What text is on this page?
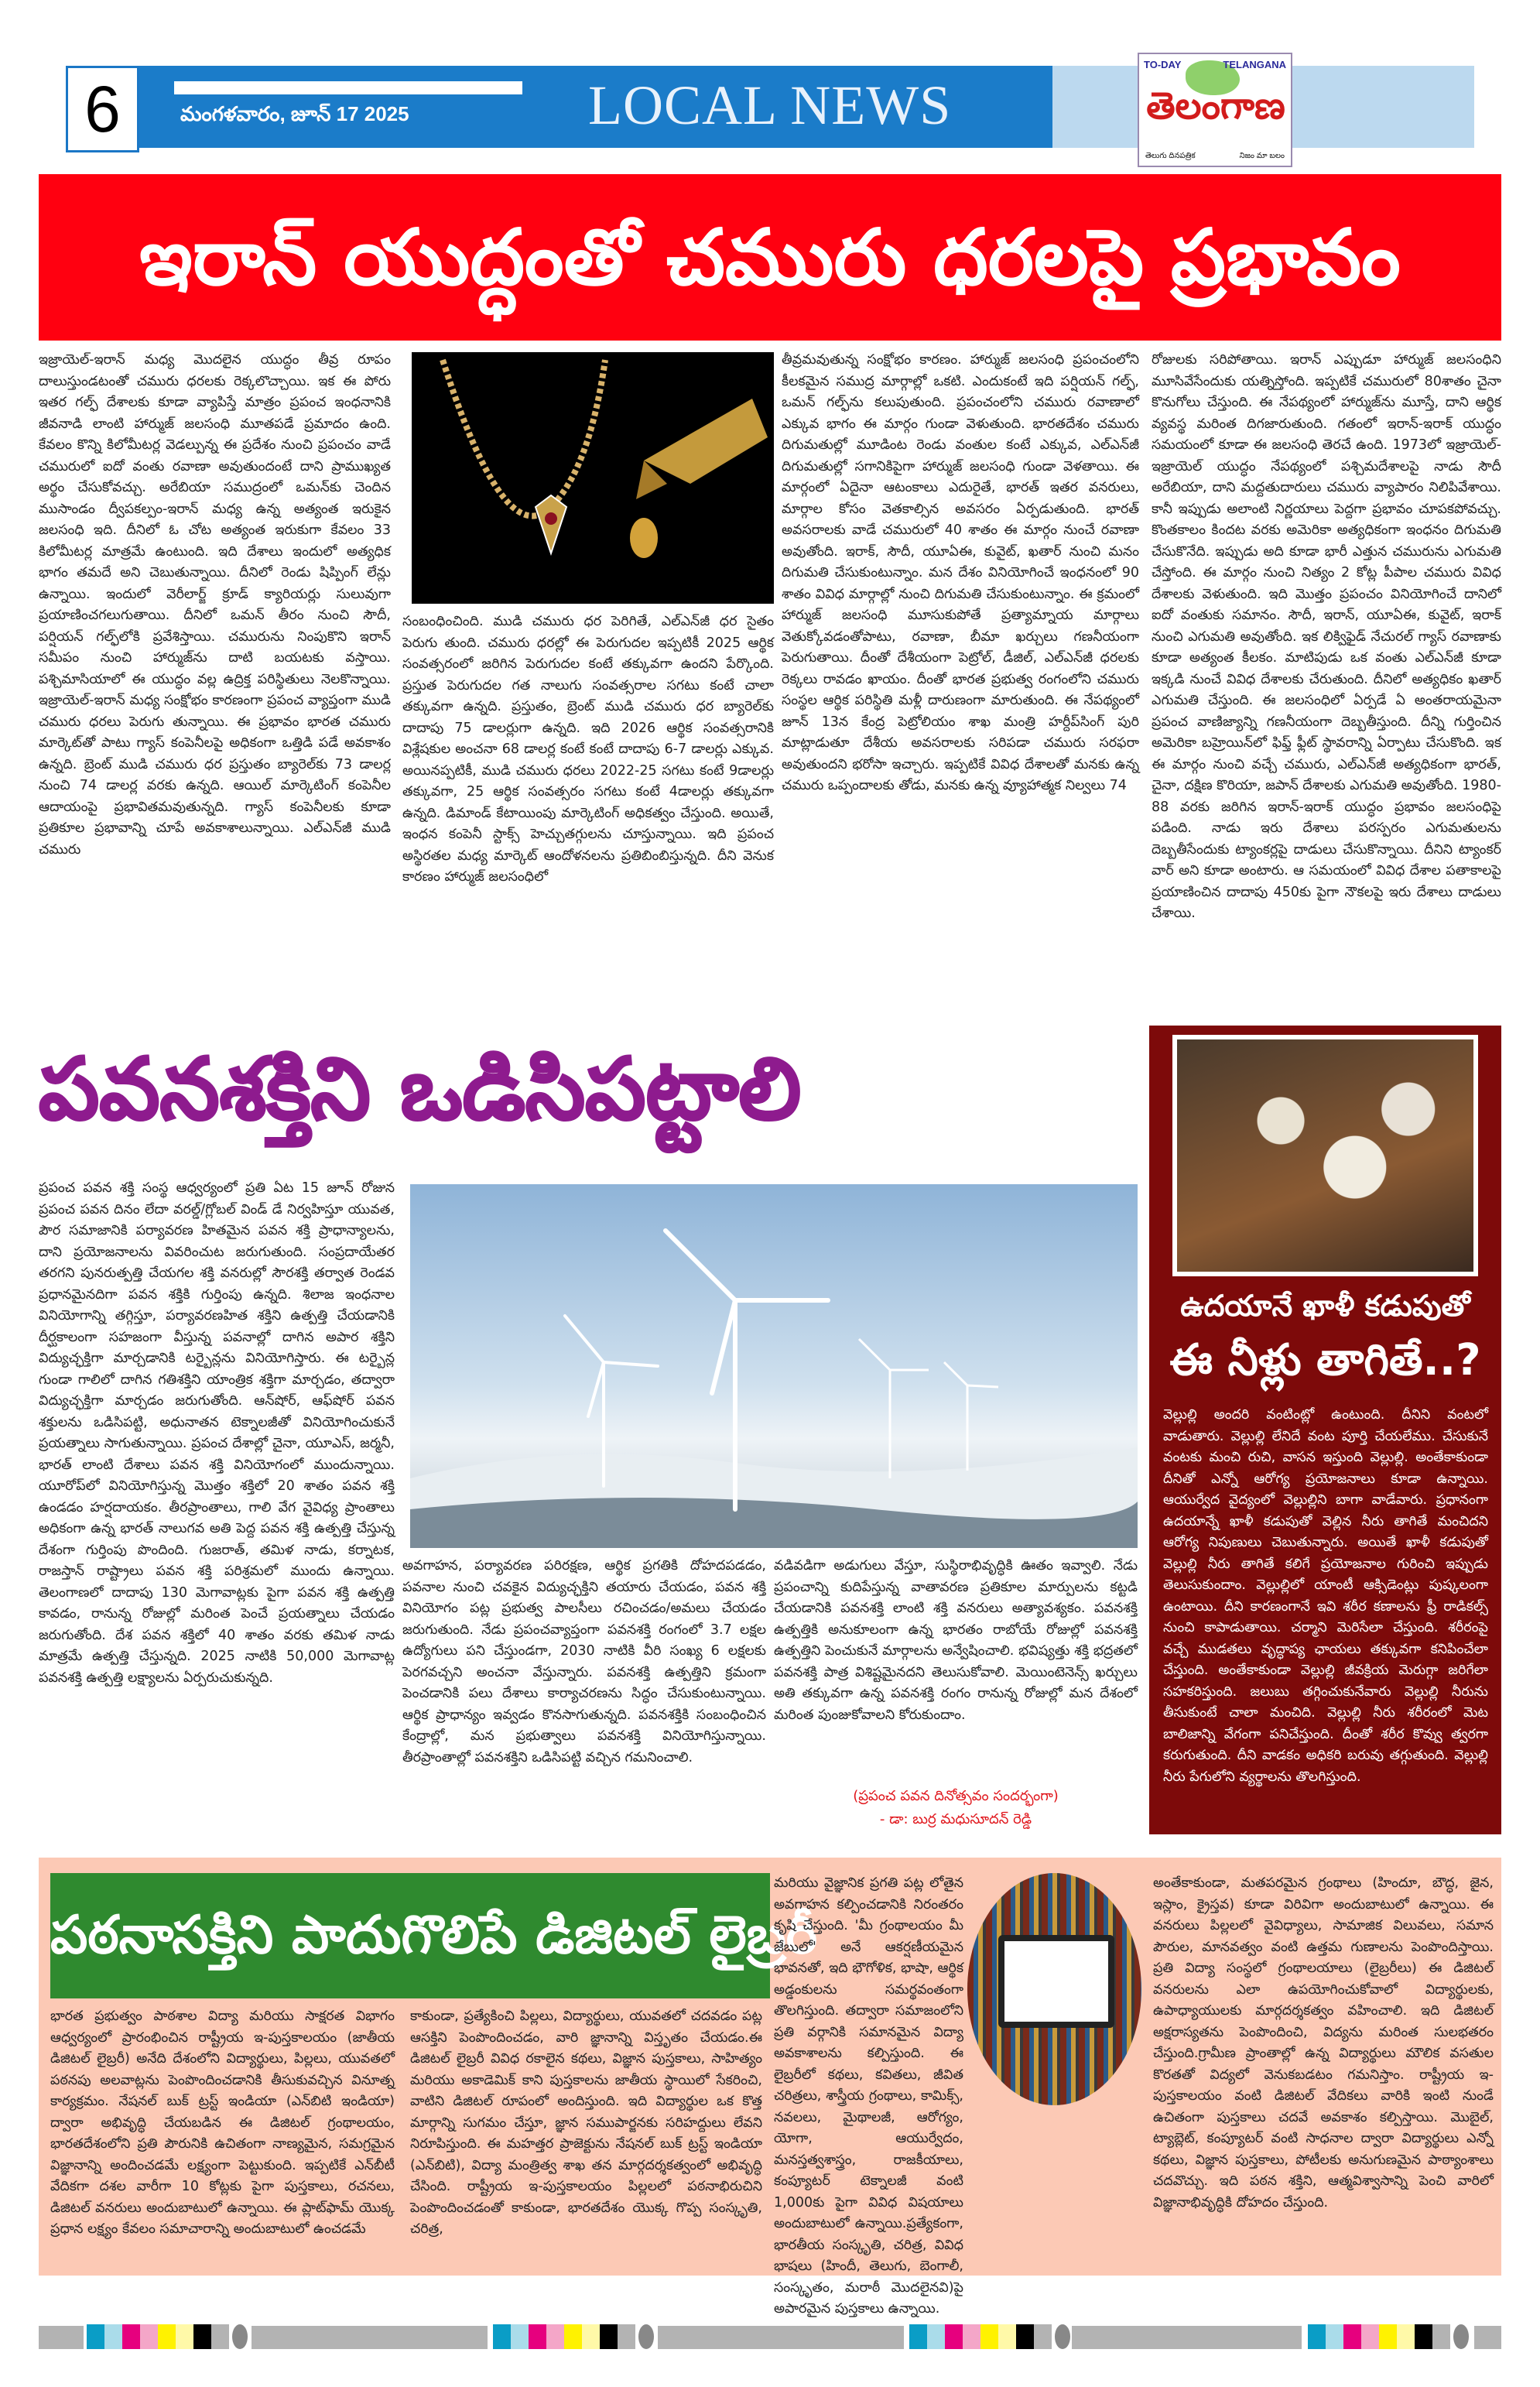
6	మంగళవారం, జూన్ 17 2025	LOCAL NEWS
TO-DAY	TELANGANA
తెలంగాణ
తెలుగు దినపత్రిక	నిజం మా బలం
ఇరాన్ యుద్ధంతో చమురు ధరలపై ప్రభావం
ఇజ్రాయెల్-ఇరాన్ మధ్య మొదలైన యుద్ధం తీవ్ర రూపం దాలుస్తుండటంతో చమురు ధరలకు రెక్కలొచ్చాయి. ఇక ఈ పోరు ఇతర గల్ఫ్ దేశాలకు కూడా వ్యాపిస్తే మాత్రం ప్రపంచ ఇంధనానికి జీవనాడి లాంటి హార్ముజ్ జలసంధి మూతపడే ప్రమాదం ఉంది. కేవలం కొన్ని కిలోమీటర్ల వెడల్పున్న ఈ ప్రదేశం నుంచి ప్రపంచం వాడే చమురులో ఐదో వంతు రవాణా అవుతుందంటే దాని ప్రాముఖ్యత అర్థం చేసుకోవచ్చు. అరేబియా సముద్రంలో ఒమన్‌కు చెందిన ముసాండం ద్వీపకల్పం-ఇరాన్ మధ్య ఉన్న అత్యంత ఇరుకైన జలసంధి ఇది. దీనిలో ఓ చోట అత్యంత ఇరుకుగా కేవలం 33 కిలోమీటర్ల మాత్రమే ఉంటుంది. ఇది దేశాలు ఇందులో అత్యధిక భాగం తమదే అని చెబుతున్నాయి. దీనిలో రెండు షిప్పింగ్ లేన్లు ఉన్నాయి. ఇందులో వెరీలార్జ్ క్రూడ్ క్యారియర్లు సులువుగా ప్రయాణించగలుగుతాయి. దీనిలో ఒమన్ తీరం నుంచి సౌదీ, పర్షియన్ గల్ఫ్‌లోకి ప్రవేశిస్తాయి. చమురును నింపుకొని ఇరాన్ సమీపం నుంచి హార్ముజ్‌ను దాటి బయటకు వస్తాయి. పశ్చిమాసియాలో ఈ యుద్ధం వల్ల ఉద్రిక్త పరిస్థితులు నెలకొన్నాయి. ఇజ్రాయెల్-ఇరాన్ మధ్య సంక్షోభం కారణంగా ప్రపంచ వ్యాప్తంగా ముడి చమురు ధరలు పెరుగు తున్నాయి. ఈ ప్రభావం భారత చమురు మార్కెట్‌తో పాటు గ్యాస్ కంపెనీలపై అధికంగా ఒత్తిడి పడే అవకాశం ఉన్నది. బ్రెంట్ ముడి చమురు ధర ప్రస్తుతం బ్యారెల్‌కు 73 డాలర్ల నుంచి 74 డాలర్ల వరకు ఉన్నది. ఆయిల్ మార్కెటింగ్ కంపెనీల ఆదాయంపై ప్రభావితమవుతున్నది. గ్యాస్ కంపెనీలకు కూడా ప్రతికూల ప్రభావాన్ని చూపే అవకాశాలున్నాయి. ఎల్ఎన్‌జీ ముడి చమురు
సంబంధించింది. ముడి చమురు ధర పెరిగితే, ఎల్ఎన్‌జీ ధర సైతం పెరుగు తుంది. చమురు ధరల్లో ఈ పెరుగుదల ఇప్పటికీ 2025 ఆర్థిక సంవత్సరంలో జరిగిన పెరుగుదల కంటే తక్కువగా ఉందని పేర్కొంది. ప్రస్తుత పెరుగుదల గత నాలుగు సంవత్సరాల సగటు కంటే చాలా తక్కువగా ఉన్నది. ప్రస్తుతం, బ్రెంట్ ముడి చమురు ధర బ్యారెల్‌కు దాదాపు 75 డాలర్లుగా ఉన్నది. ఇది 2026 ఆర్థిక సంవత్సరానికి విశ్లేషకుల అంచనా 68 డాలర్ల కంటే కంటే దాదాపు 6-7 డాలర్లు ఎక్కువ. అయినప్పటికీ, ముడి చమురు ధరలు 2022-25 సగటు కంటే 9డాలర్లు తక్కువగా, 25 ఆర్థిక సంవత్సరం సగటు కంటే 4డాలర్లు తక్కువగా ఉన్నది. డిమాండ్ కేటాయింపు మార్కెటింగ్ అధికత్వం చేస్తుంది. అయితే, ఇంధన కంపెనీ స్టాక్స్ హెచ్చుతగ్గులను చూస్తున్నాయి. ఇది ప్రపంచ అస్థిరతల మధ్య మార్కెట్ ఆందోళనలను ప్రతిబింబిస్తున్నది. దీని వెనుక కారణం హార్ముజ్ జలసంధిలో
తీవ్రమవుతున్న సంక్షోభం కారణం. హార్ముజ్ జలసంధి ప్రపంచంలోని కీలకమైన సముద్ర మార్గాల్లో ఒకటి. ఎందుకంటే ఇది పర్షియన్ గల్ఫ్, ఒమన్ గల్ఫ్‌ను కలుపుతుంది. ప్రపంచంలోని చమురు రవాణాలో ఎక్కువ భాగం ఈ మార్గం గుండా వెళుతుంది. భారతదేశం చమురు దిగుమతుల్లో మూడింట రెండు వంతుల కంటే ఎక్కువ, ఎల్ఎన్‌జీ దిగుమతుల్లో సగానికిపైగా హార్ముజ్ జలసంధి గుండా వెళతాయి. ఈ మార్గంలో ఏదైనా ఆటంకాలు ఎదురైతే, భారత్ ఇతర వనరులు, మార్గాల కోసం వెతకాల్సిన అవసరం ఏర్పడుతుంది. భారత్ అవసరాలకు వాడే చమురులో 40 శాతం ఈ మార్గం నుంచే రవాణా అవుతోంది. ఇరాక్, సౌదీ, యూఏఈ, కువైట్, ఖతార్ నుంచి మనం దిగుమతి చేసుకుంటున్నాం. మన దేశం వినియోగించే ఇంధనంలో 90 శాతం వివిధ మార్గాల్లో నుంచి దిగుమతి చేసుకుంటున్నాం. ఈ క్రమంలో హార్ముజ్ జలసంధి మూసుకుపోతే ప్రత్యామ్నాయ మార్గాలు వెతుక్కోవడంతోపాటు, రవాణా, బీమా ఖర్చులు గణనీయంగా పెరుగుతాయి. దీంతో దేశీయంగా పెట్రోల్, డీజిల్, ఎల్ఎన్‌జీ ధరలకు రెక్కలు రావడం ఖాయం. దీంతో భారత ప్రభుత్వ రంగంలోని చమురు సంస్థల ఆర్థిక పరిస్థితి మళ్లీ దారుణంగా మారుతుంది. ఈ నేపథ్యంలో జూన్ 13న కేంద్ర పెట్రోలియం శాఖ మంత్రి హర్దీప్‌సింగ్ పురి మాట్లాడుతూ దేశీయ అవసరాలకు సరిపడా చమురు సరఫరా అవుతుందని భరోసా ఇచ్చారు. ఇప్పటికే వివిధ దేశాలతో మనకు ఉన్న చమురు ఒప్పందాలకు తోడు, మనకు ఉన్న వ్యూహాత్మక నిల్వలు 74
రోజులకు సరిపోతాయి. ఇరాన్ ఎప్పుడూ హార్ముజ్ జలసంధిని మూసివేసేందుకు యత్నిస్తోంది. ఇప్పటికే చమురులో 80శాతం చైనా కొనుగోలు చేస్తుంది. ఈ నేపథ్యంలో హార్ముజ్‌ను మూస్తే, దాని ఆర్థిక వ్యవస్థ మరింత దిగజారుతుంది. గతంలో ఇరాన్-ఇరాక్ యుద్ధం సమయంలో కూడా ఈ జలసంధి తెరచే ఉంది. 1973లో ఇజ్రాయెల్-ఇజ్రాయెల్ యుద్ధం నేపథ్యంలో పశ్చిమదేశాలపై నాడు సౌదీ అరేబియా, దాని మద్దతుదారులు చమురు వ్యాపారం నిలిపివేశాయి. కానీ ఇప్పుడు అలాంటి నిర్ణయాలు పెద్దగా ప్రభావం చూపకపోవచ్చు. కొంతకాలం కిందట వరకు అమెరికా అత్యధికంగా ఇంధనం దిగుమతి చేసుకొనేది. ఇప్పుడు అది కూడా భారీ ఎత్తున చమురును ఎగుమతి చేస్తోంది. ఈ మార్గం నుంచి నిత్యం 2 కోట్ల పీపాల చమురు వివిధ దేశాలకు వెళుతుంది. ఇది మొత్తం ప్రపంచం వినియోగించే దానిలో ఐదో వంతుకు సమానం. సౌదీ, ఇరాన్, యూఏఈ, కువైట్, ఇరాక్ నుంచి ఎగుమతి అవుతోంది. ఇక లిక్విఫైడ్ నేచురల్ గ్యాస్ రవాణాకు కూడా అత్యంత కీలకం. మాటిపుడు ఒక వంతు ఎల్ఎన్‌జీ కూడా ఇక్కడి నుంచే వివిధ దేశాలకు చేరుతుంది. దీనిలో అత్యధికం ఖతార్ ఎగుమతి చేస్తుంది. ఈ జలసంధిలో ఏర్పడే ఏ అంతరాయమైనా ప్రపంచ వాణిజ్యాన్ని గణనీయంగా దెబ్బతీస్తుంది. దీన్ని గుర్తించిన అమెరికా బహ్రెయిన్‌లో ఫిఫ్త్ ఫ్లీట్ స్థావరాన్ని ఏర్పాటు చేసుకొంది. ఇక ఈ మార్గం నుంచి వచ్చే చమురు, ఎల్ఎన్‌జీ అత్యధికంగా భారత్, చైనా, దక్షిణ కొరియా, జపాన్ దేశాలకు ఎగుమతి అవుతోంది. 1980-88 వరకు జరిగిన ఇరాన్-ఇరాక్ యుద్ధం ప్రభావం జలసంధిపై పడింది. నాడు ఇరు దేశాలు పరస్పరం ఎగుమతులను దెబ్బతీసేందుకు ట్యాంకర్లపై దాడులు చేసుకొన్నాయి. దీనిని ట్యాంకర్ వార్ అని కూడా అంటారు. ఆ సమయంలో వివిధ దేశాల పతాకాలపై ప్రయాణించిన దాదాపు 450కు పైగా నౌకలపై ఇరు దేశాలు దాడులు చేశాయి.
పవనశక్తిని ఒడిసిపట్టాలి
ప్రపంచ పవన శక్తి సంస్థ ఆధ్వర్యంలో ప్రతి ఏట 15 జూన్ రోజున ప్రపంచ పవన దినం లేదా వరల్డ్/గ్లోబల్ విండ్ డే నిర్వహిస్తూ యువత, పౌర సమాజానికి పర్యావరణ హితమైన పవన శక్తి ప్రాధాన్యాలను, దాని ప్రయోజనాలను వివరించుట జరుగుతుంది. సంప్రదాయేతర తరగని పునరుత్పత్తి చేయగల శక్తి వనరుల్లో సౌరశక్తి తర్వాత రెండవ ప్రధానమైనదిగా పవన శక్తికి గుర్తింపు ఉన్నది. శిలాజ ఇంధనాల వినియోగాన్ని తగ్గిస్తూ, పర్యావరణహిత శక్తిని ఉత్పత్తి చేయడానికి దీర్ఘకాలంగా సహజంగా వీస్తున్న పవనాల్లో దాగిన అపార శక్తిని విద్యుచ్ఛక్తిగా మార్చడానికి టర్బైన్లను వినియోగిస్తారు. ఈ టర్బైన్ల గుండా గాలిలో దాగిన గతిశక్తిని యాంత్రిక శక్తిగా మార్చడం, తద్వారా విద్యుచ్ఛక్తిగా మార్చడం జరుగుతోంది. ఆన్‌షోర్, ఆఫ్‌షోర్ పవన శక్తులను ఒడిసిపట్టి, అధునాతన టెక్నాలజీతో వినియోగించుకునే ప్రయత్నాలు సాగుతున్నాయి. ప్రపంచ దేశాల్లో చైనా, యూఎస్, జర్మనీ, భారత్ లాంటి దేశాలు పవన శక్తి వినియోగంలో ముందున్నాయి. యూరోప్‌లో వినియోగిస్తున్న మొత్తం శక్తిలో 20 శాతం పవన శక్తి ఉండడం హర్షదాయకం. తీరప్రాంతాలు, గాలి వేగ వైవిధ్య ప్రాంతాలు అధికంగా ఉన్న భారత్ నాలుగవ అతి పెద్ద పవన శక్తి ఉత్పత్తి చేస్తున్న దేశంగా గుర్తింపు పొందింది. గుజరాత్, తమిళ నాడు, కర్నాటక, రాజస్తాన్ రాష్ట్రాలు పవన శక్తి పరిశ్రమలో ముందు ఉన్నాయి. తెలంగాణలో దాదాపు 130 మెగావాట్లకు పైగా పవన శక్తి ఉత్పత్తి కావడం, రానున్న రోజుల్లో మరింత పెంచే ప్రయత్నాలు చేయడం జరుగుతోంది. దేశ పవన శక్తిలో 40 శాతం వరకు తమిళ నాడు మాత్రమే ఉత్పత్తి చేస్తున్నది. 2025 నాటికి 50,000 మెగావాట్ల పవనశక్తి ఉత్పత్తి లక్ష్యాలను ఏర్పరుచుకున్నది.
అవగాహన, పర్యావరణ పరిరక్షణ, ఆర్థిక ప్రగతికి దోహదపడడం, పవనాల నుంచి చవకైన విద్యుచ్ఛక్తిని తయారు చేయడం, పవన శక్తి వినియోగం పట్ల ప్రభుత్వ పాలసీలు రచించడం/అమలు చేయడం జరుగుతుంది. నేడు ప్రపంచవ్యాప్తంగా పవనశక్తి రంగంలో 3.7 లక్షల ఉద్యోగులు పని చేస్తుండగా, 2030 నాటికి వీరి సంఖ్య 6 లక్షలకు పెరగవచ్చని అంచనా వేస్తున్నారు. పవనశక్తి ఉత్పత్తిని క్రమంగా పెంచడానికి పలు దేశాలు కార్యాచరణను సిద్ధం చేసుకుంటున్నాయి. ఆర్థిక ప్రాధాన్యం ఇవ్వడం కొనసాగుతున్నది. పవనశక్తికి సంబంధించిన కేంద్రాల్లో, మన ప్రభుత్వాలు పవనశక్తి వినియోగిస్తున్నాయి. తీరప్రాంతాల్లో పవనశక్తిని ఒడిసిపట్టి వచ్చిన గమనించాలి.
వడివడిగా అడుగులు వేస్తూ, సుస్థిరాభివృద్ధికి ఊతం ఇవ్వాలి. నేడు ప్రపంచాన్ని కుదిపేస్తున్న వాతావరణ ప్రతికూల మార్పులను కట్టడి చేయడానికి పవనశక్తి లాంటి శక్తి వనరులు అత్యావశ్యకం. పవనశక్తి ఉత్పత్తికి అనుకూలంగా ఉన్న భారతం రాబోయే రోజుల్లో పవనశక్తి ఉత్పత్తిని పెంచుకునే మార్గాలను అన్వేషించాలి. భవిష్యత్తు శక్తి భద్రతలో పవనశక్తి పాత్ర విశిష్టమైనదని తెలుసుకోవాలి. మెయింటెనెన్స్ ఖర్చులు అతి తక్కువగా ఉన్న పవనశక్తి రంగం రానున్న రోజుల్లో మన దేశంలో మరింత పుంజుకోవాలని కోరుకుందాం.
(ప్రపంచ పవన దినోత్సవం సందర్భంగా)
- డా: బుర్ర మధుసూదన్ రెడ్డి
ఉదయానే ఖాళీ కడుపుతో
ఈ నీళ్లు తాగితే..?
వెల్లుల్లి అందరి వంటింట్లో ఉంటుంది. దీనిని వంటలో వాడుతారు. వెల్లుల్లి లేనిదే వంట పూర్తి చేయలేము. చేసుకునే వంటకు మంచి రుచి, వాసన ఇస్తుంది వెల్లుల్లి. అంతేకాకుండా దీనితో ఎన్నో ఆరోగ్య ప్రయోజనాలు కూడా ఉన్నాయి. ఆయుర్వేద వైద్యంలో వెల్లుల్లిని బాగా వాడేవారు. ప్రధానంగా ఉదయాన్నే ఖాళీ కడుపుతో వెల్లిన నీరు తాగితే మంచిదని ఆరోగ్య నిపుణులు చెబుతున్నారు. అయితే ఖాళీ కడుపుతో వెల్లుల్లి నీరు తాగితే కలిగే ప్రయోజనాల గురించి ఇప్పుడు తెలుసుకుందాం. వెల్లుల్లిలో యాంటీ ఆక్సిడెంట్లు పుష్కలంగా ఉంటాయి. దీని కారణంగానే ఇవి శరీర కణాలను ఫ్రీ రాడికల్స్ నుంచి కాపాడుతాయి. చర్మాని మెరిసేలా చేస్తుంది. శరీరంపై వచ్చే ముడతలు వృద్ధాప్య ఛాయలు తక్కువగా కనిపించేలా చేస్తుంది. అంతేకాకుండా వెల్లుల్లి జీవక్రియ మెరుగ్గా జరిగేలా సహకరిస్తుంది. జలుబు తగ్గించుకునేవారు వెల్లుల్లి నీరును తీసుకుంటే చాలా మంచిది. వెల్లుల్లి నీరు శరీరంలో మెట బాలిజాన్ని వేగంగా పనిచేస్తుంది. దీంతో శరీర కొవ్వు త్వరగా కరుగుతుంది. దీని వాడకం అధికరి బరువు తగ్గుతుంది. వెల్లుల్లి నీరు పేగులోని వ్యర్థాలను తొలగిస్తుంది.
పఠనాసక్తిని పాదుగొలిపే డిజిటల్ లైబ్రరీ
భారత ప్రభుత్వం పాఠశాల విద్యా మరియు సాక్షరత విభాగం ఆధ్వర్యంలో ప్రారంభించిన రాష్ట్రీయ ఇ-పుస్తకాలయం (జాతీయ డిజిటల్ లైబ్రరీ) అనేది దేశంలోని విద్యార్థులు, పిల్లలు, యువతలో పఠనపు అలవాట్లను పెంపొందించడానికి తీసుకువచ్చిన వినూత్న కార్యక్రమం. నేషనల్ బుక్ ట్రస్ట్ ఇండియా (ఎన్‌బిటి ఇండియా) ద్వారా అభివృద్ధి చేయబడిన ఈ డిజిటల్ గ్రంథాలయం, భారతదేశంలోని ప్రతి పౌరునికి ఉచితంగా నాణ్యమైన, సమగ్రమైన విజ్ఞానాన్ని అందించడమే లక్ష్యంగా పెట్టుకుంది. ఇప్పటికే ఎన్‌బీటీ వేదికగా దశల వారీగా 10 కోట్లకు పైగా పుస్తకాలు, రచనలు, డిజిటల్ వనరులు అందుబాటులో ఉన్నాయి. ఈ ప్లాట్‌ఫామ్ యొక్క ప్రధాన లక్ష్యం కేవలం సమాచారాన్ని అందుబాటులో ఉంచడమే
కాకుండా, ప్రత్యేకించి పిల్లలు, విద్యార్థులు, యువతలో చదవడం పట్ల ఆసక్తిని పెంపొందించడం, వారి జ్ఞానాన్ని విస్తృతం చేయడం.ఈ డిజిటల్ లైబ్రరీ వివిధ రకాలైన కథలు, విజ్ఞాన పుస్తకాలు, సాహిత్యం మరియు అకాడెమిక్ కాని పుస్తకాలను జాతీయ స్థాయిలో సేకరించి, వాటిని డిజిటల్ రూపంలో అందిస్తుంది. ఇది విద్యార్థుల ఒక కొత్త మార్గాన్ని సుగమం చేస్తూ, జ్ఞాన సముపార్జనకు సరిహద్దులు లేవని నిరూపిస్తుంది. ఈ మహత్తర ప్రాజెక్టును నేషనల్ బుక్ ట్రస్ట్ ఇండియా (ఎన్‌బిటి), విద్యా మంత్రిత్వ శాఖ తన మార్గదర్శకత్వంలో అభివృద్ధి చేసింది. రాష్ట్రీయ ఇ-పుస్తకాలయం పిల్లలలో పఠనాభిరుచిని పెంపొందించడంతో కాకుండా, భారతదేశం యొక్క గొప్ప సంస్కృతి, చరిత్ర,
మరియు వైజ్ఞానిక ప్రగతి పట్ల లోతైన అవగాహన కల్పించడానికి నిరంతరం కృషి చేస్తుంది. 'మీ గ్రంథాలయం మీ జేబులో' అనే ఆకర్షణీయమైన భావనతో, ఇది భౌగోళిక, భాషా, ఆర్థిక అడ్డంకులను సమర్థవంతంగా తొలగిస్తుంది. తద్వారా సమాజంలోని ప్రతి వర్గానికి సమానమైన విద్యా అవకాశాలను కల్పిస్తుంది. ఈ లైబ్రరీలో కథలు, కవితలు, జీవిత చరిత్రలు, శాస్త్రీయ గ్రంథాలు, కామిక్స్, నవలలు, మైథాలజీ, ఆరోగ్యం, యోగా, ఆయుర్వేదం, మనస్తత్వశాస్త్రం, రాజకీయాలు, కంప్యూటర్ టెక్నాలజీ వంటి 1,000కు పైగా వివిధ విషయాలు అందుబాటులో ఉన్నాయి.ప్రత్యేకంగా, భారతీయ సంస్కృతి, చరిత్ర, వివిధ భాషలు (హిందీ, తెలుగు, బెంగాలీ, సంస్కృతం, మరాఠీ మొదలైనవి)పై అపారమైన పుస్తకాలు ఉన్నాయి.
అంతేకాకుండా, మతపరమైన గ్రంథాలు (హిందూ, బౌద్ధ, జైన, ఇస్లాం, క్రైస్తవ) కూడా విరివిగా అందుబాటులో ఉన్నాయి. ఈ వనరులు పిల్లలలో వైవిధ్యాలు, సామాజిక విలువలు, సమాన పౌరుల, మానవత్వం వంటి ఉత్తమ గుణాలను పెంపొందిస్తాయి. ప్రతి విద్యా సంస్థలో గ్రంథాలయాలు (లైబ్రరీలు) ఈ డిజిటల్ వనరులను ఎలా ఉపయోగించుకోవాలో విద్యార్థులకు, ఉపాధ్యాయులకు మార్గదర్శకత్వం వహించాలి. ఇది డిజిటల్ అక్షరాస్యతను పెంపొందించి, విద్యను మరింత సులభతరం చేస్తుంది.గ్రామీణ ప్రాంతాల్లో ఉన్న విద్యార్థులు మౌలిక వసతుల కొరతతో విద్యలో వెనుకబడటం గమనిస్తాం. రాష్ట్రీయ ఇ-పుస్తకాలయం వంటి డిజిటల్ వేదికలు వారికి ఇంటి నుండే ఉచితంగా పుస్తకాలు చదవే అవకాశం కల్పిస్తాయి. మొబైల్, ట్యాబ్లెట్, కంప్యూటర్ వంటి సాధనాల ద్వారా విద్యార్థులు ఎన్నో కథలు, విజ్ఞాన పుస్తకాలు, పోటీలకు అనుగుణమైన పాఠ్యాంశాలు చదవొచ్చు. ఇది పఠన శక్తిని, ఆత్మవిశ్వాసాన్ని పెంచి వారిలో విజ్ఞానాభివృద్ధికి దోహదం చేస్తుంది.
